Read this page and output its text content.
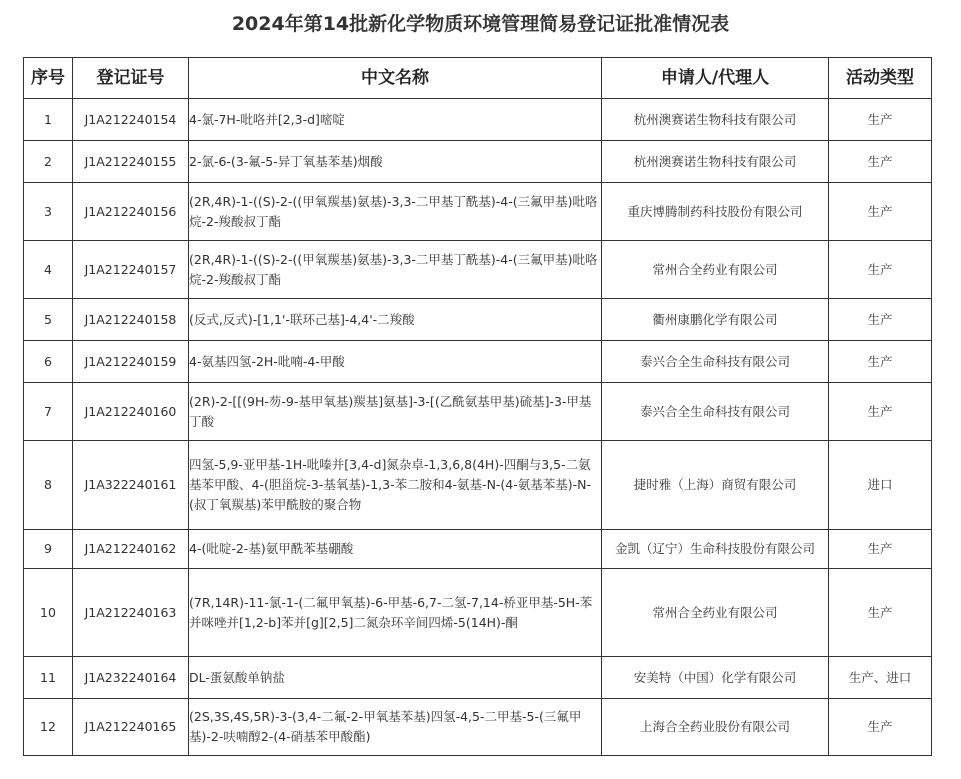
2024年第14批新化学物质环境管理简易登记证批准情况表
序号	登记证号	中文名称	申请人/代理人	活动类型
1	J1A212240154	4-氯-7H-吡咯并[2,3-d]嘧啶	杭州澳赛诺生物科技有限公司	生产
2	J1A212240155	2-氯-6-(3-氟-5-异丁氧基苯基)烟酸	杭州澳赛诺生物科技有限公司	生产
3	J1A212240156	(2R,4R)-1-((S)-2-((甲氧羰基)氨基)-3,3-二甲基丁酰基)-4-(三氟甲基)吡咯烷-2-羧酸叔丁酯	重庆博腾制药科技股份有限公司	生产
4	J1A212240157	(2R,4R)-1-((S)-2-((甲氧羰基)氨基)-3,3-二甲基丁酰基)-4-(三氟甲基)吡咯烷-2-羧酸叔丁酯	常州合全药业有限公司	生产
5	J1A212240158	(反式,反式)-[1,1'-联环己基]-4,4'-二羧酸	衢州康鹏化学有限公司	生产
6	J1A212240159	4-氨基四氢-2H-吡喃-4-甲酸	泰兴合全生命科技有限公司	生产
7	J1A212240160	(2R)-2-[[(9H-芴-9-基甲氧基)羰基]氨基]-3-[(乙酰氨基甲基)硫基]-3-甲基丁酸	泰兴合全生命科技有限公司	生产
8	J1A322240161	四氢-5,9-亚甲基-1H-吡嗪并[3,4-d]氮杂卓-1,3,6,8(4H)-四酮与3,5-二氨基苯甲酸、4-(胆甾烷-3-基氧基)-1,3-苯二胺和4-氨基-N-(4-氨基苯基)-N-(叔丁氧羰基)苯甲酰胺的聚合物	捷时雅（上海）商贸有限公司	进口
9	J1A212240162	4-(吡啶-2-基)氨甲酰苯基硼酸	金凯（辽宁）生命科技股份有限公司	生产
10	J1A212240163	(7R,14R)-11-氯-1-(二氟甲氧基)-6-甲基-6,7-二氢-7,14-桥亚甲基-5H-苯并咪唑并[1,2-b]苯并[g][2,5]二氮杂环辛间四烯-5(14H)-酮	常州合全药业有限公司	生产
11	J1A232240164	DL-蛋氨酸单钠盐	安美特（中国）化学有限公司	生产、进口
12	J1A212240165	(2S,3S,4S,5R)-3-(3,4-二氟-2-甲氧基苯基)四氢-4,5-二甲基-5-(三氟甲基)-2-呋喃醇2-(4-硝基苯甲酸酯)	上海合全药业股份有限公司	生产
